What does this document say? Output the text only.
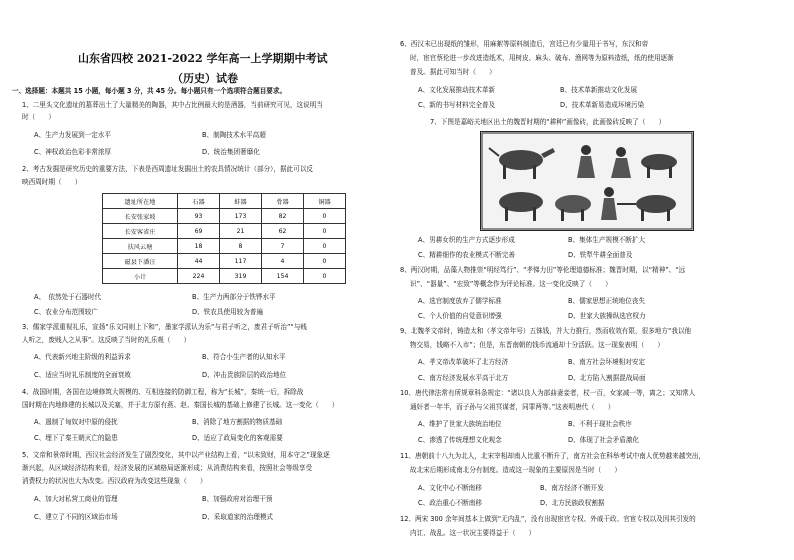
山东省四校 2021-2022 学年高一上学期期中考试
（历史）试卷
一、选择题：本题共 15 小题，每小题 3 分，共 45 分。每小题只有一个选项符合题目要求。
1、二里头文化遗址的墓葬出土了大量精美的陶器，其中占比例最大的是酒器，当前研究可见，这说明当
时（　　）
A、生产力发展到一定水平	B、制陶技术水平高超
C、神权政治色彩非常浓厚	D、统治集团奢靡化
2、考古发掘是研究历史的重要方法，下表是西周遗址发掘出土的农具情况统计（部分），据此可以反
映西周时期（　　）
遗址所在地	石器	蚌器	骨器	铜器
长安张家坡	93	173	82	0
长安客省庄	69	21	62	0
扶风云塘	18	8	7	0
磁县下潘汪	44	117	4	0
小计	224	319	154	0
A、　依然处于石器时代	B、生产力两部分于铁铧水平
C、农业分布范围较广	D、铁农具使用较为普遍
3、儒家学派重视礼乐，宣扬“乐文同则上下和”，墨家学派认为乐“与君子听之，废君子听治”“与贱
人听之，废贱人之从事”。这反映了当时的礼乐观（　　）
A、代表新兴地主阶级的利益诉求	B、符合小生产者的认知水平
C、适应当时礼乐制度的全面衰败	D、冲击贵族阶层的政治地位
4、战国时期，各国在边境修筑大规模的、互相连接的防御工程，称为“长城”，秦统一后，拆除战
国时期在内地修建的长城以及关塞，并于北方原有燕、赵、秦国长城的基础上修建了长城。这一变化（　　）
A、遏制了匈奴对中原的侵扰	B、消除了地方割据的物质基础
C、埋下了秦王朝灭亡的隐患	D、适应了政局变化的客观需要
5、文帝和景帝时期，西汉社会经济发生了剧烈变化，其中以产业结构上看，“以末致财，用本守之”现象逐
渐兴起，从区域经济结构来看，经济发展的区域格局逐渐形成；从消费结构来看，按照社会等级享受
消费权力的状况也大为改变。西汉政府为改变这些现象（　　）
A、加大对私营工商业的管理	B、加强政府对治理干预
C、建立了不同的区域治市场	D、采取道家的治理模式
6、西汉末已出现纸的雏形，用麻絮等原料制造后，宫廷已有少量用于书写，东汉和帝
时，宦官蔡伦进一步改进造纸术，用树皮、麻头、破布、渔网等为原料造纸，纸的使用逐渐
普及。据此可知当时（　　）
A、文化发展推动技术革新	B、技术革新推动文化发展
C、新的书写材料完全普及	D、技术革新易造成环境污染
7、下图是嘉峪关地区出土的魏晋时期的“耕种”画像砖，此画像砖反映了（　　）
A、男耕女织的生产方式逐步形成	B、集体生产规模不断扩大
C、精耕细作的农业模式不断完善	D、铁犁牛耕全面普及
8、两汉时期，品藻人物推崇“明经笃行”、“孝悌力田”等伦理道德标准；魏晋时期，以“精神”、“远
识”、“器量”、“宏致”等概念作为评论标准。这一变化反映了（　　）
A、选官制度放弃了儒学标准	B、儒家思想正统地位丧失
C、个人价值的自觉意识增强	D、世家大族操纵选官权力
9、北魏孝文帝时，铸造太和（孝文帝年号）五铢钱，并大力推行，然而收效有限，很多地方“我以他
物交易，钱略不入市”；但是，东晋南朝的钱币流通却十分活跃。这一现象表明（　　）
A、孝文帝改革破坏了北方经济	B、南方社会环境相对安定
C、南方经济发展水平高于北方	D、北方陷入割据混战局面
10、唐代律法常有所规章科条规定：“诸以良人为部曲妻妾者，杖一百，女家减一等，离之；又知常人
通奸者一年半，而子孙与父祖冥谋者，同罪两等。”这表明唐代（　　）
A、维护了世家大族统治地位	B、不利于现社会秩序
C、渗透了传统理想文化观念	D、体现了社会矛盾激化
11、唐朝前十八九为北人，北宋宰相却南人比重不断升了，南方社会在科举考试中南人优势越来越突出，
故北宋后期形成南北分有制度。造成这一现象的主要原因是当时（　　）
A、文化中心不断南移	B、南方经济不断开发
C、政治重心不断南移	D、北方民族政权割据
12、两宋 300 余年间基本上做到“无内乱”，没有出现宦官专权、外戚干政、官宦专权以及因其引发的
内讧、战乱。这一状况主要得益于（　　）
